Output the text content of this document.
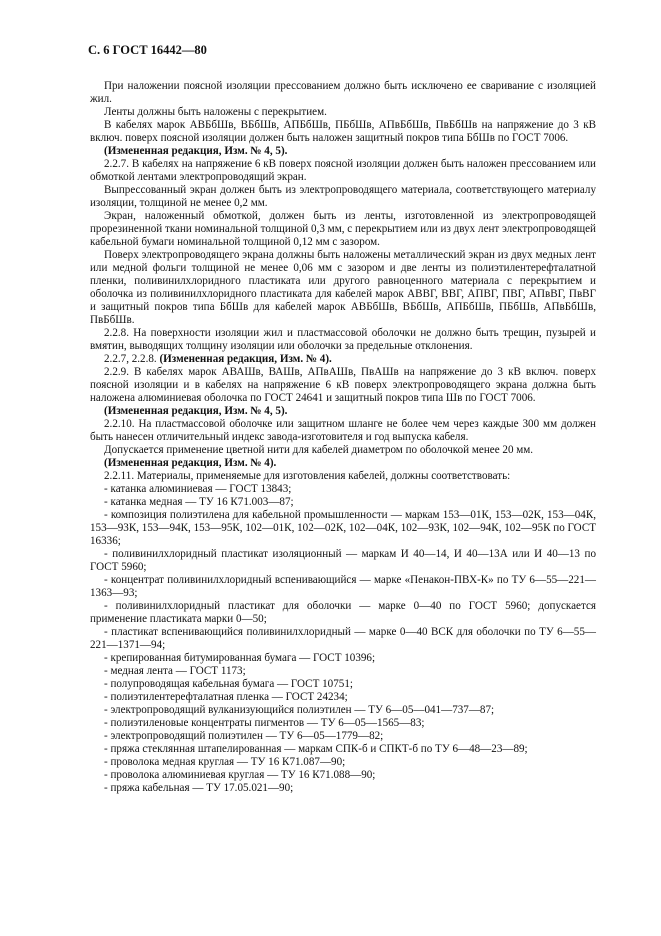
С. 6 ГОСТ 16442—80

При наложении поясной изоляции прессованием должно быть исключено ее сваривание с изоляцией жил.

Ленты должны быть наложены с перекрытием.

В кабелях марок АВБбШв, ВБбШв, АПБбШв, ПБбШв, АПвБбШв, ПвБбШв на напряжение до 3 кВ включ. поверх поясной изоляции должен быть наложен защитный покров типа БбШв по ГОСТ 7006.

(Измененная редакция, Изм. № 4, 5).

2.2.7. В кабелях на напряжение 6 кВ поверх поясной изоляции должен быть наложен прессованием или обмоткой лентами электропроводящий экран.

Выпрессованный экран должен быть из электропроводящего материала, соответствующего материалу изоляции, толщиной не менее 0,2 мм.

Экран, наложенный обмоткой, должен быть из ленты, изготовленной из электропроводящей прорезиненной ткани номинальной толщиной 0,3 мм, с перекрытием или из двух лент электропроводящей кабельной бумаги номинальной толщиной 0,12 мм с зазором.

Поверх электропроводящего экрана должны быть наложены металлический экран из двух медных лент или медной фольги толщиной не менее 0,06 мм с зазором и две ленты из полиэтилентерефталатной пленки, поливинилхлоридного пластиката или другого равноценного материала с перекрытием и оболочка из поливинилхлоридного пластиката для кабелей марок АВВГ, ВВГ, АПВГ, ПВГ, АПвВГ, ПвВГ и защитный покров типа БбШв для кабелей марок АВБбШв, ВБбШв, АПБбШв, ПБбШв, АПвБбШв, ПвБбШв.

2.2.8. На поверхности изоляции жил и пластмассовой оболочки не должно быть трещин, пузырей и вмятин, выводящих толщину изоляции или оболочки за предельные отклонения.

2.2.7, 2.2.8. (Измененная редакция, Изм. № 4).

2.2.9. В кабелях марок АВАШв, ВАШв, АПвАШв, ПвАШв на напряжение до 3 кВ включ. поверх поясной изоляции и в кабелях на напряжение 6 кВ поверх электропроводящего экрана должна быть наложена алюминиевая оболочка по ГОСТ 24641 и защитный покров типа Шв по ГОСТ 7006.

(Измененная редакция, Изм. № 4, 5).

2.2.10. На пластмассовой оболочке или защитном шланге не более чем через каждые 300 мм должен быть нанесен отличительный индекс завода-изготовителя и год выпуска кабеля.

Допускается применение цветной нити для кабелей диаметром по оболочкой менее 20 мм.

(Измененная редакция, Изм. № 4).

2.2.11. Материалы, применяемые для изготовления кабелей, должны соответствовать:

- катанка алюминиевая — ГОСТ 13843;

- катанка медная — ТУ 16 К71.003—87;

- композиция полиэтилена для кабельной промышленности — маркам 153—01К, 153—02К, 153—04К, 153—93К, 153—94К, 153—95К, 102—01К, 102—02К, 102—04К, 102—93К, 102—94К, 102—95К по ГОСТ 16336;

- поливинилхлоридный пластикат изоляционный — маркам И 40—14, И 40—13А или И 40—13 по ГОСТ 5960;

- концентрат поливинилхлоридный вспенивающийся — марке «Пенакон-ПВХ-К» по ТУ 6—55—221—1363—93;

- поливинилхлоридный пластикат для оболочки — марке 0—40 по ГОСТ 5960; допускается применение пластиката марки 0—50;

- пластикат вспенивающийся поливинилхлоридный — марке 0—40 ВСК для оболочки по ТУ 6—55—221—1371—94;

- крепированная битумированная бумага — ГОСТ 10396;

- медная лента — ГОСТ 1173;

- полупроводящая кабельная бумага — ГОСТ 10751;

- полиэтилентерефталатная пленка — ГОСТ 24234;

- электропроводящий вулканизующийся полиэтилен — ТУ 6—05—041—737—87;

- полиэтиленовые концентраты пигментов — ТУ 6—05—1565—83;

- электропроводящий полиэтилен — ТУ 6—05—1779—82;

- пряжа стеклянная штапелированная — маркам СПК-б и СПКТ-б по ТУ 6—48—23—89;

- проволока медная круглая — ТУ 16 К71.087—90;

- проволока алюминиевая круглая — ТУ 16 К71.088—90;

- пряжа кабельная — ТУ 17.05.021—90;
